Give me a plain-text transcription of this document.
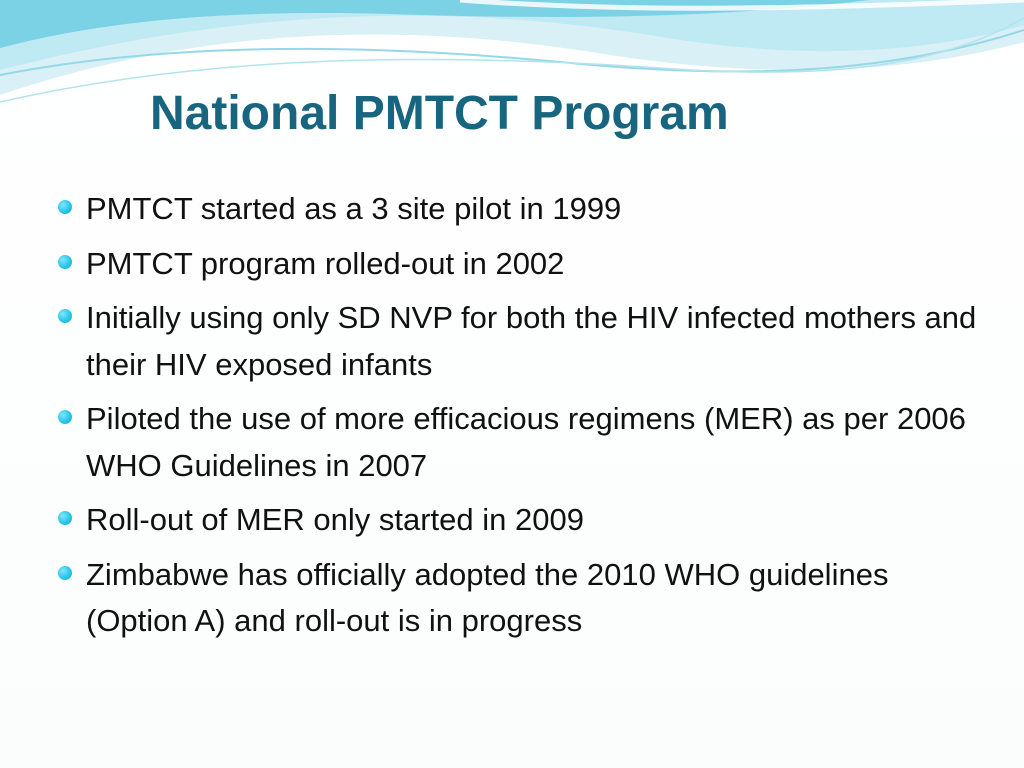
National PMTCT Program
PMTCT started as a 3 site pilot in 1999
PMTCT program rolled-out in 2002
Initially using only SD NVP for both the HIV infected mothers and their HIV exposed infants
Piloted the use of more efficacious regimens (MER) as per 2006 WHO Guidelines in 2007
Roll-out of MER only started in 2009
Zimbabwe has officially adopted the 2010 WHO guidelines (Option A) and roll-out is in progress
